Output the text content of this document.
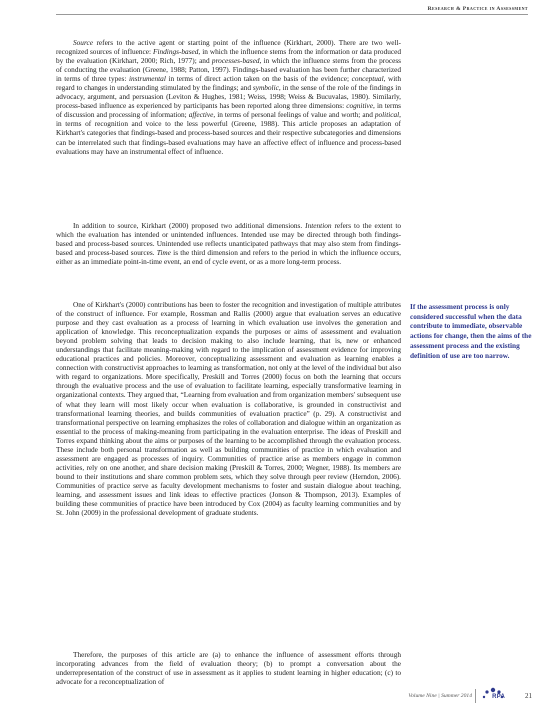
Research & Practice in Assessment

Source refers to the active agent or starting point of the influence (Kirkhart, 2000). There are two well-recognized sources of influence: Findings-based, in which the influence stems from the information or data produced by the evaluation (Kirkhart, 2000; Rich, 1977); and processes-based, in which the influence stems from the process of conducting the evaluation (Greene, 1988; Patton, 1997). Findings-based evaluation has been further characterized in terms of three types: instrumental in terms of direct action taken on the basis of the evidence; conceptual, with regard to changes in understanding stimulated by the findings; and symbolic, in the sense of the role of the findings in advocacy, argument, and persuasion (Leviton & Hughes, 1981; Weiss, 1998; Weiss & Bucuvalas, 1980). Similarly, process-based influence as experienced by participants has been reported along three dimensions: cognitive, in terms of discussion and processing of information; affective, in terms of personal feelings of value and worth; and political, in terms of recognition and voice to the less powerful (Greene, 1988). This article proposes an adaptation of Kirkhart's categories that findings-based and process-based sources and their respective subcategories and dimensions can be interrelated such that findings-based evaluations may have an affective effect of influence and process-based evaluations may have an instrumental effect of influence.

In addition to source, Kirkhart (2000) proposed two additional dimensions. Intention refers to the extent to which the evaluation has intended or unintended influences. Intended use may be directed through both findings-based and process-based sources. Unintended use reflects unanticipated pathways that may also stem from findings-based and process-based sources. Time is the third dimension and refers to the period in which the influence occurs, either as an immediate point-in-time event, an end of cycle event, or as a more long-term process.

One of Kirkhart's (2000) contributions has been to foster the recognition and investigation of multiple attributes of the construct of influence. For example, Rossman and Rallis (2000) argue that evaluation serves an educative purpose and they cast evaluation as a process of learning in which evaluation use involves the generation and application of knowledge. This reconceptualization expands the purposes or aims of assessment and evaluation beyond problem solving that leads to decision making to also include learning, that is, new or enhanced understandings that facilitate meaning-making with regard to the implication of assessment evidence for improving educational practices and policies. Moreover, conceptualizing assessment and evaluation as learning enables a connection with constructivist approaches to learning as transformation, not only at the level of the individual but also with regard to organizations. More specifically, Preskill and Torres (2000) focus on both the learning that occurs through the evaluative process and the use of evaluation to facilitate learning, especially transformative learning in organizational contexts. They argued that, “Learning from evaluation and from organization members' subsequent use of what they learn will most likely occur when evaluation is collaborative, is grounded in constructivist and transformational learning theories, and builds communities of evaluation practice” (p. 29). A constructivist and transformational perspective on learning emphasizes the roles of collaboration and dialogue within an organization as essential to the process of making-meaning from participating in the evaluation enterprise. The ideas of Preskill and Torres expand thinking about the aims or purposes of the learning to be accomplished through the evaluation process. These include both personal transformation as well as building communities of practice in which evaluation and assessment are engaged as processes of inquiry. Communities of practice arise as members engage in common activities, rely on one another, and share decision making (Preskill & Torres, 2000; Wegner, 1988). Its members are bound to their institutions and share common problem sets, which they solve through peer review (Herndon, 2006). Communities of practice serve as faculty development mechanisms to foster and sustain dialogue about teaching, learning, and assessment issues and link ideas to effective practices (Jonson & Thompson, 2013). Examples of building these communities of practice have been introduced by Cox (2004) as faculty learning communities and by St. John (2009) in the professional development of graduate students.

Therefore, the purposes of this article are (a) to enhance the influence of assessment efforts through incorporating advances from the field of evaluation theory; (b) to prompt a conversation about the underrepresentation of the construct of use in assessment as it applies to student learning in higher education; (c) to advocate for a reconceptualization of

If the assessment process is only considered successful when the data contribute to immediate, observable actions for change, then the aims of the assessment process and the existing definition of use are too narrow.

Volume Nine | Summer 2014	RPA	21
